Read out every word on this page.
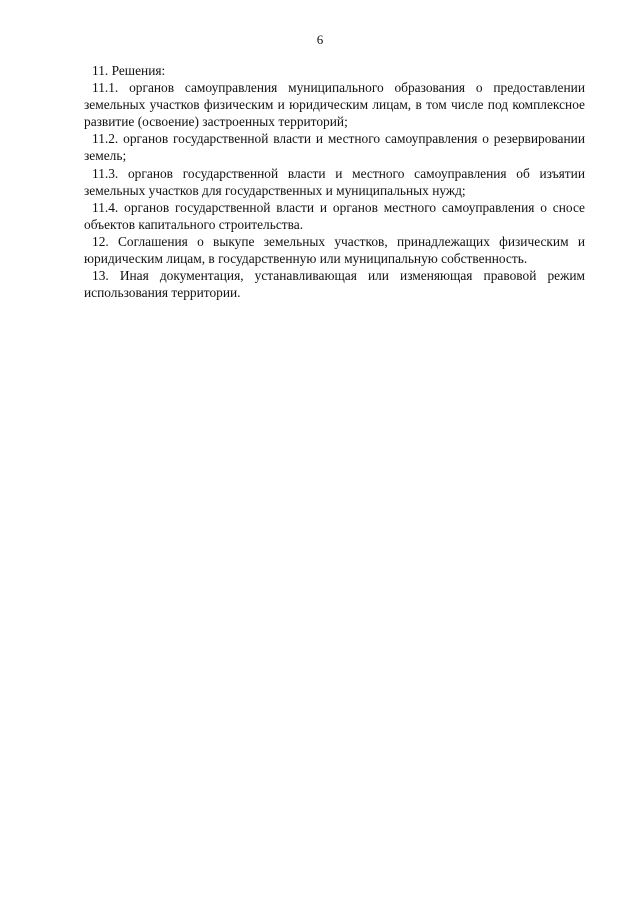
6

11. Решения:

11.1. органов самоуправления муниципального образования о предоставлении земельных участков физическим и юридическим лицам, в том числе под комплексное развитие (освоение) застроенных территорий;

11.2. органов государственной власти и местного самоуправления о резервировании земель;

11.3. органов государственной власти и местного самоуправления об изъятии земельных участков для государственных и муниципальных нужд;

11.4. органов государственной власти и органов местного самоуправления о сносе объектов капитального строительства.

12. Соглашения о выкупе земельных участков, принадлежащих физическим и юридическим лицам, в государственную или муниципальную собственность.

13. Иная документация, устанавливающая или изменяющая правовой режим использования территории.
